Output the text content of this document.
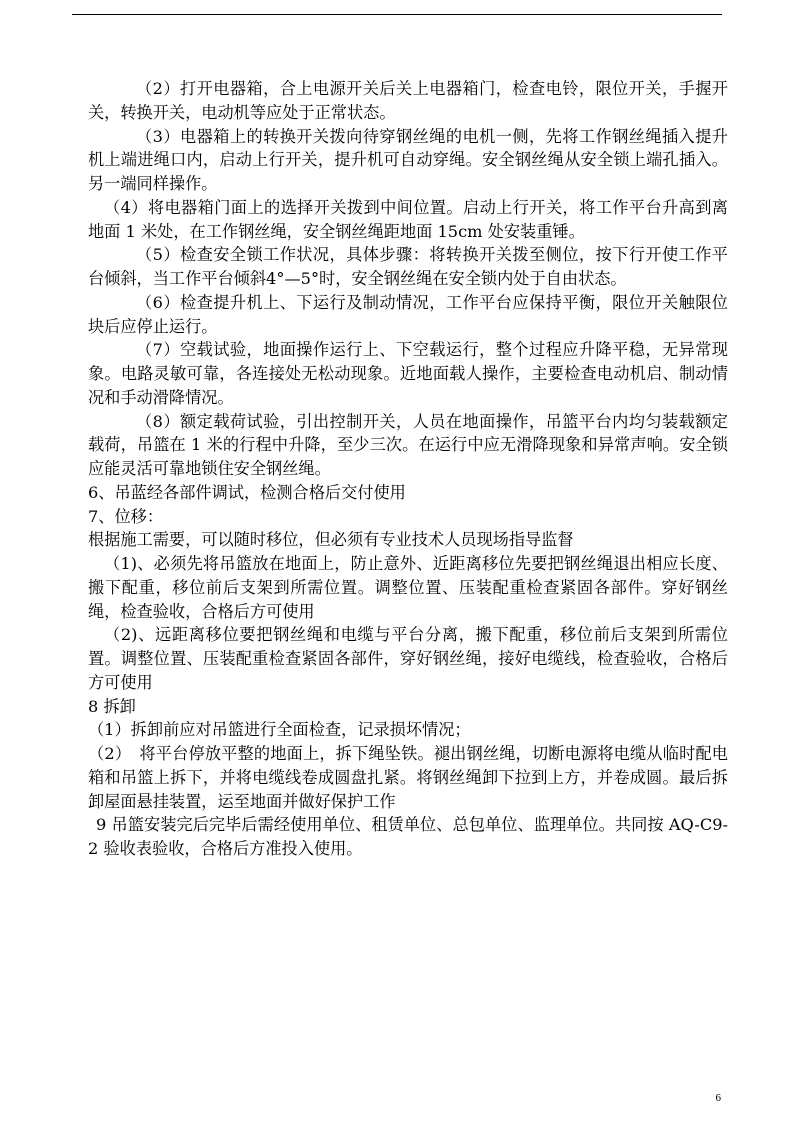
（2）打开电器箱，合上电源开关后关上电器箱门，检查电铃，限位开关，手握开关，转换开关，电动机等应处于正常状态。

（3）电器箱上的转换开关拨向待穿钢丝绳的电机一侧，先将工作钢丝绳插入提升机上端进绳口内，启动上行开关，提升机可自动穿绳。安全钢丝绳从安全锁上端孔插入。另一端同样操作。

（4）将电器箱门面上的选择开关拨到中间位置。启动上行开关，将工作平台升高到离地面 1 米处，在工作钢丝绳，安全钢丝绳距地面 15cm 处安装重锤。

（5）检查安全锁工作状况，具体步骤：将转换开关拨至侧位，按下行开使工作平台倾斜，当工作平台倾斜4°—5°时，安全钢丝绳在安全锁内处于自由状态。

（6）检查提升机上、下运行及制动情况，工作平台应保持平衡，限位开关触限位块后应停止运行。

（7）空载试验，地面操作运行上、下空载运行，整个过程应升降平稳，无异常现象。电路灵敏可靠，各连接处无松动现象。近地面载人操作，主要检查电动机启、制动情况和手动滑降情况。

（8）额定载荷试验，引出控制开关，人员在地面操作，吊篮平台内均匀装载额定载荷，吊篮在 1 米的行程中升降，至少三次。在运行中应无滑降现象和异常声响。安全锁应能灵活可靠地锁住安全钢丝绳。

6、吊蓝经各部件调试，检测合格后交付使用

7、位移：

根据施工需要，可以随时移位，但必须有专业技术人员现场指导监督

（1)、必须先将吊篮放在地面上，防止意外、近距离移位先要把钢丝绳退出相应长度、搬下配重，移位前后支架到所需位置。调整位置、压装配重检查紧固各部件。穿好钢丝绳，检查验收，合格后方可使用

（2)、远距离移位要把钢丝绳和电缆与平台分离，搬下配重，移位前后支架到所需位置。调整位置、压装配重检查紧固各部件，穿好钢丝绳，接好电缆线，检查验收，合格后方可使用

8 拆卸

（1）拆卸前应对吊篮进行全面检查，记录损坏情况；

（2）　将平台停放平整的地面上，拆下绳坠铁。褪出钢丝绳，切断电源将电缆从临时配电箱和吊篮上拆下，并将电缆线卷成圆盘扎紧。将钢丝绳卸下拉到上方，并卷成圆。最后拆卸屋面悬挂装置，运至地面并做好保护工作

9 吊篮安装完后完毕后需经使用单位、租赁单位、总包单位、监理单位。共同按 AQ-C9-2 验收表验收，合格后方准投入使用。

6
